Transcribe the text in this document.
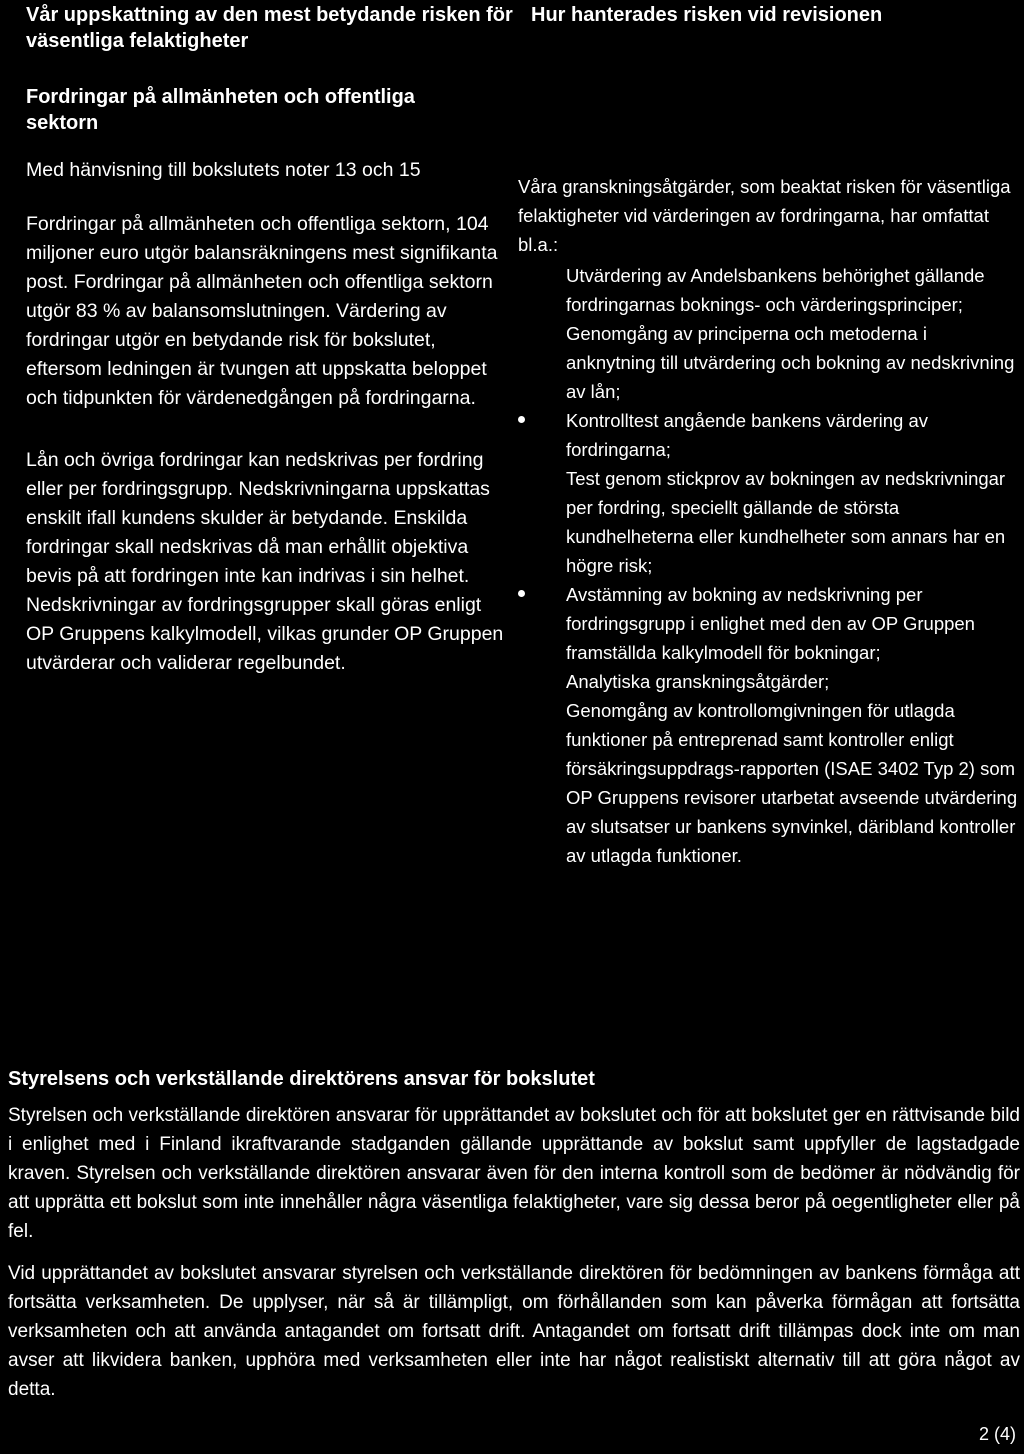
Vår uppskattning av den mest betydande risken för väsentliga felaktigheter
Fordringar på allmänheten och offentliga sektorn

Med hänvisning till bokslutets noter 13 och 15

Fordringar på allmänheten och offentliga sektorn, 104 miljoner euro utgör balansräkningens mest signifikanta post. Fordringar på allmänheten och offentliga sektorn utgör 83 % av balansomslutningen. Värdering av fordringar utgör en betydande risk för bokslutet, eftersom ledningen är tvungen att uppskatta beloppet och tidpunkten för värdenedgången på fordringarna.

Lån och övriga fordringar kan nedskrivas per fordring eller per fordringsgrupp. Nedskrivningarna uppskattas enskilt ifall kundens skulder är betydande. Enskilda fordringar skall nedskrivas då man erhållit objektiva bevis på att fordringen inte kan indrivas i sin helhet. Nedskrivningar av fordringsgrupper skall göras enligt OP Gruppens kalkylmodell, vilkas grunder OP Gruppen utvärderar och validerar regelbundet.

Hur hanterades risken vid revisionen

Våra granskningsåtgärder, som beaktat risken för väsentliga felaktigheter vid värderingen av fordringarna, har omfattat bl.a.:

Utvärdering av Andelsbankens behörighet gällande fordringarnas boknings- och värderingsprinciper;
Genomgång av principerna och metoderna i anknytning till utvärdering och bokning av nedskrivning av lån;
Kontrolltest angående bankens värdering av fordringarna;
Test genom stickprov av bokningen av nedskrivningar per fordring, speciellt gällande de största kundhelheterna eller kundhelheter som annars har en högre risk;
Avstämning av bokning av nedskrivning per fordringsgrupp i enlighet med den av OP Gruppen framställda kalkylmodell för bokningar;
Analytiska granskningsåtgärder;
Genomgång av kontrollomgivningen för utlagda funktioner på entreprenad samt kontroller enligt försäkringsuppdrags-rapporten (ISAE 3402 Typ 2) som OP Gruppens revisorer utarbetat avseende utvärdering av slutsatser ur bankens synvinkel, däribland kontroller av utlagda funktioner.
Styrelsens och verkställande direktörens ansvar för bokslutet

Styrelsen och verkställande direktören ansvarar för upprättandet av bokslutet och för att bokslutet ger en rättvisande bild i enlighet med i Finland ikraftvarande stadganden gällande upprättande av bokslut samt uppfyller de lagstadgade kraven. Styrelsen och verkställande direktören ansvarar även för den interna kontroll som de bedömer är nödvändig för att upprätta ett bokslut som inte innehåller några väsentliga felaktigheter, vare sig dessa beror på oegentligheter eller på fel.

Vid upprättandet av bokslutet ansvarar styrelsen och verkställande direktören för bedömningen av bankens förmåga att fortsätta verksamheten. De upplyser, när så är tillämpligt, om förhållanden som kan påverka förmågan att fortsätta verksamheten och att använda antagandet om fortsatt drift. Antagandet om fortsatt drift tillämpas dock inte om man avser att likvidera banken, upphöra med verksamheten eller inte har något realistiskt alternativ till att göra något av detta.

2 (4)
